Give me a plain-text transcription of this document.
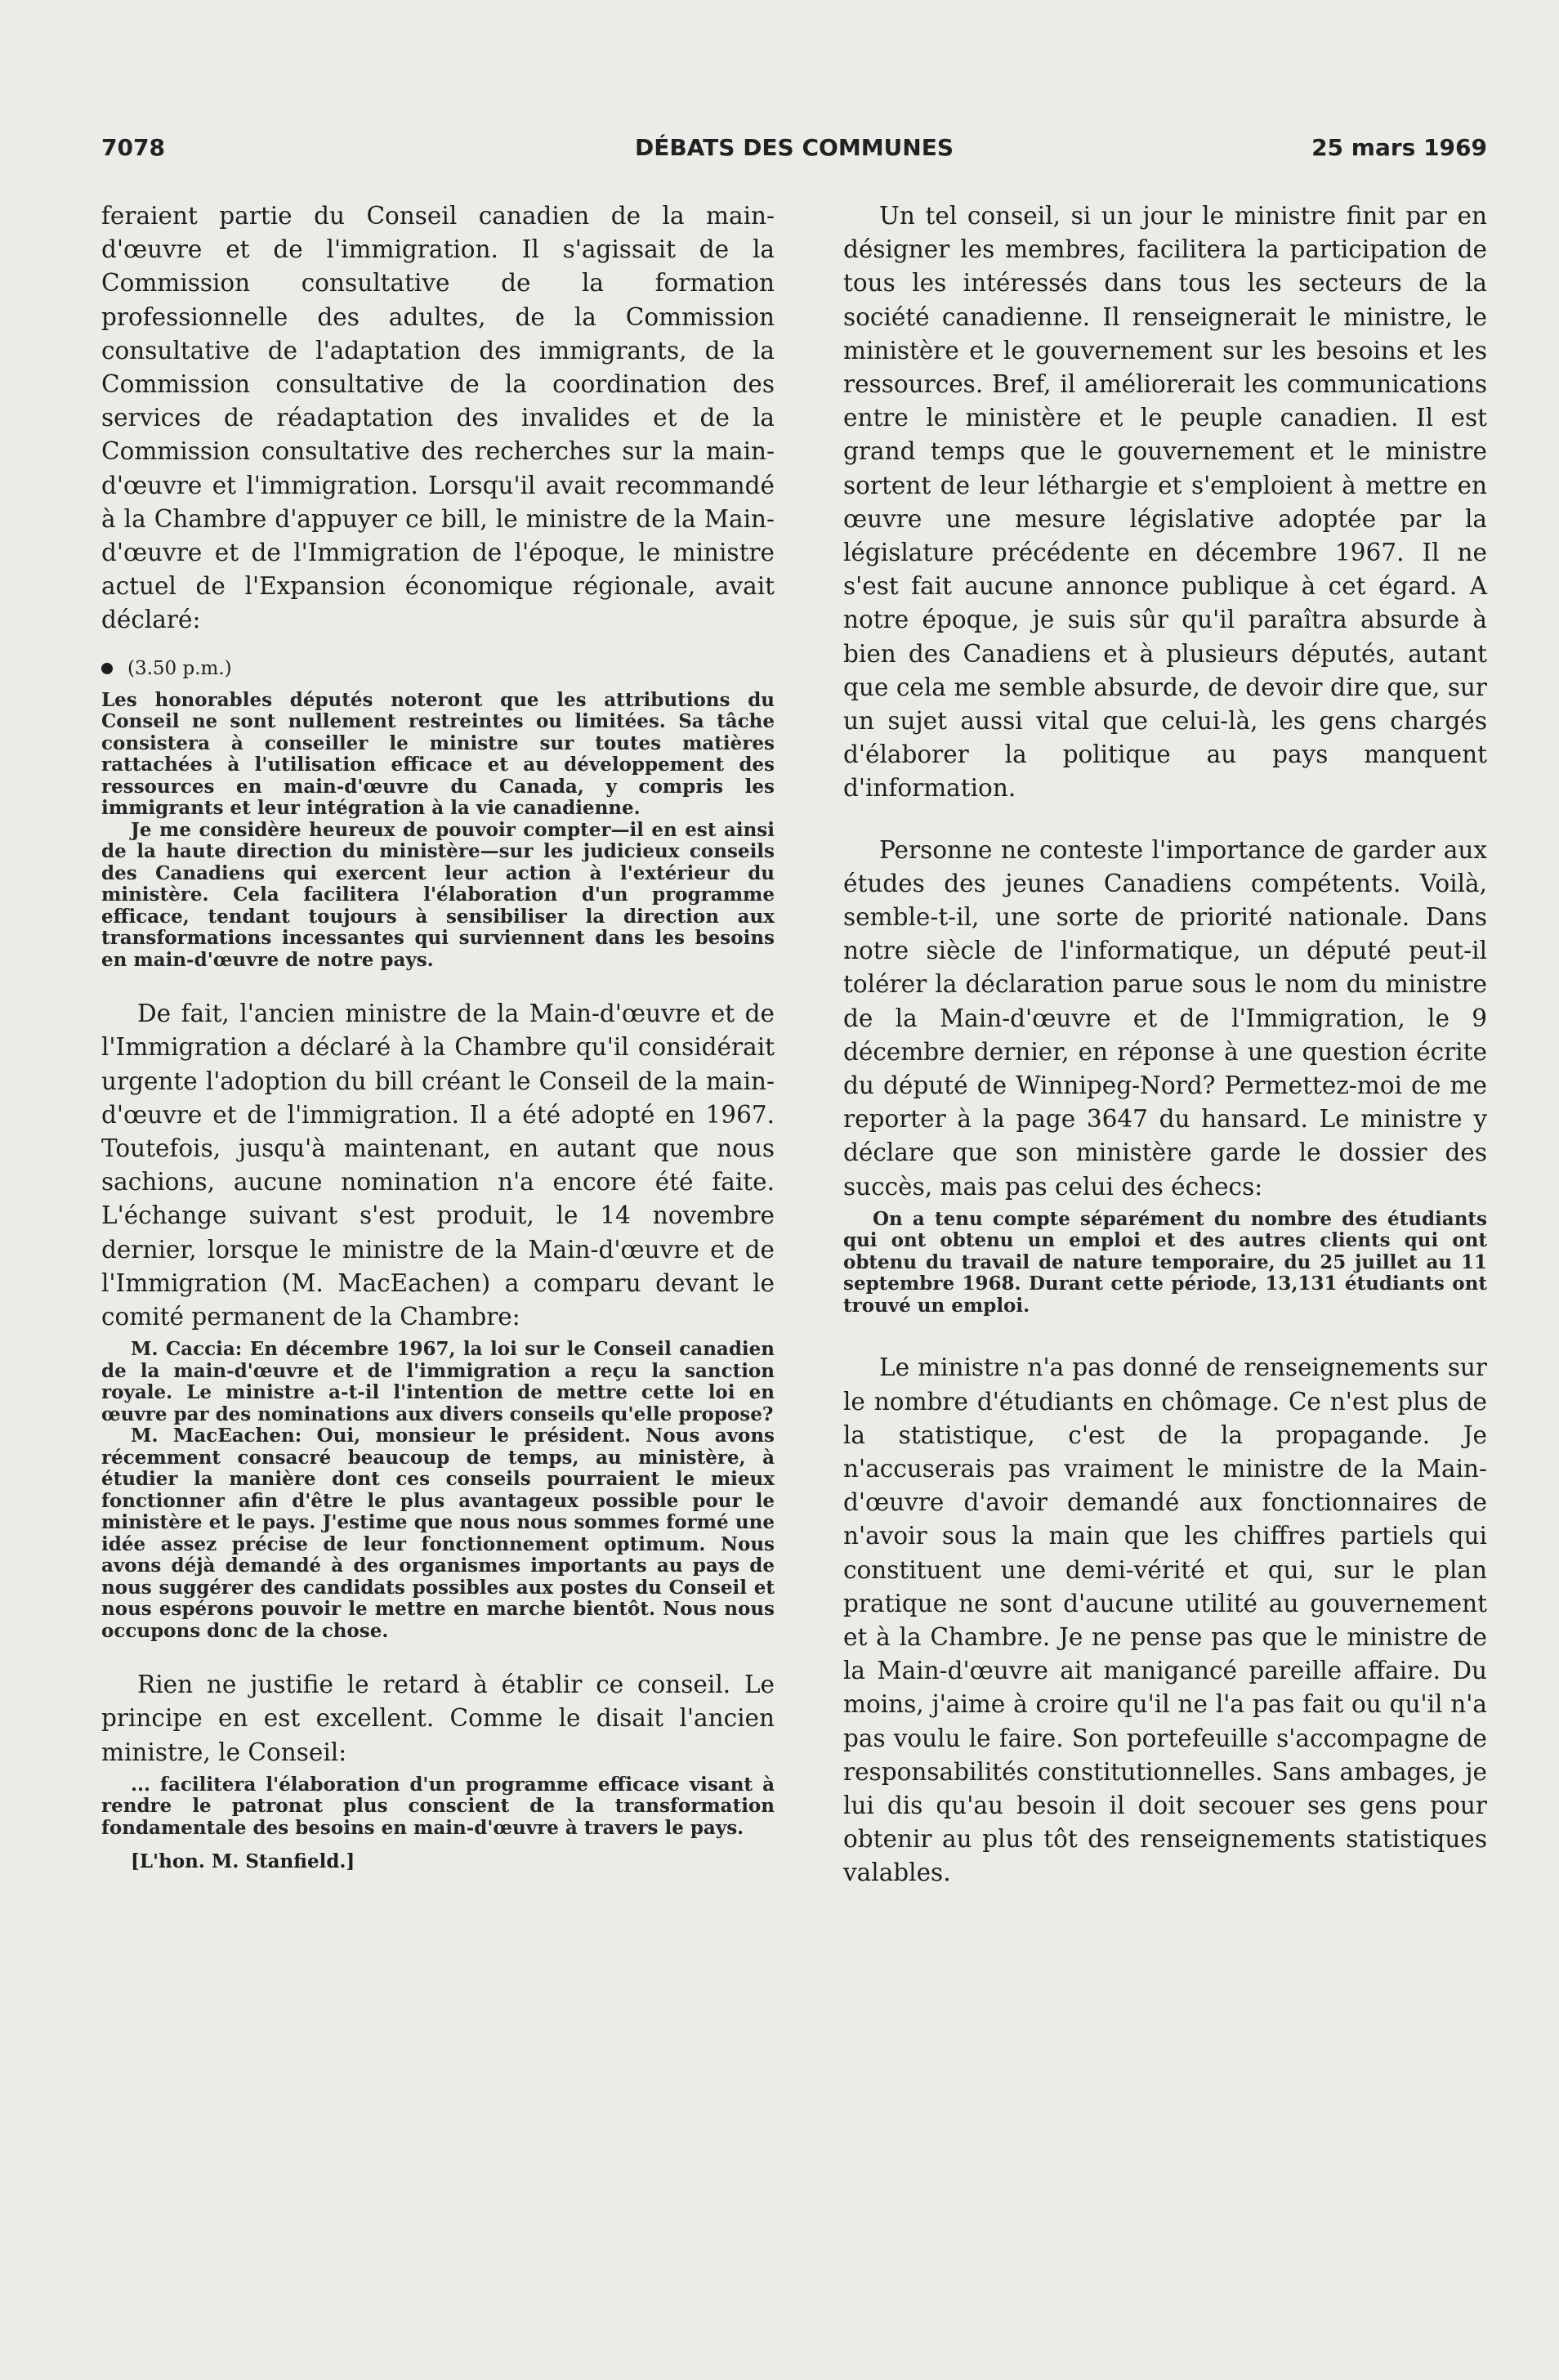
7078	DÉBATS DES COMMUNES	25 mars 1969

feraient partie du Conseil canadien de la main-d'œuvre et de l'immigration. Il s'agissait de la Commission consultative de la formation professionnelle des adultes, de la Commission consultative de l'adaptation des immigrants, de la Commission consultative de la coordination des services de réadaptation des invalides et de la Commission consultative des recherches sur la main-d'œuvre et l'immigration. Lorsqu'il avait recommandé à la Chambre d'appuyer ce bill, le ministre de la Main-d'œuvre et de l'Immigration de l'époque, le ministre actuel de l'Expansion économique régionale, avait déclaré:

(3.50 p.m.)

Les honorables députés noteront que les attributions du Conseil ne sont nullement restreintes ou limitées. Sa tâche consistera à conseiller le ministre sur toutes matières rattachées à l'utilisation efficace et au développement des ressources en main-d'œuvre du Canada, y compris les immigrants et leur intégration à la vie canadienne.

Je me considère heureux de pouvoir compter—il en est ainsi de la haute direction du ministère—sur les judicieux conseils des Canadiens qui exercent leur action à l'extérieur du ministère. Cela facilitera l'élaboration d'un programme efficace, tendant toujours à sensibiliser la direction aux transformations incessantes qui surviennent dans les besoins en main-d'œuvre de notre pays.

De fait, l'ancien ministre de la Main-d'œuvre et de l'Immigration a déclaré à la Chambre qu'il considérait urgente l'adoption du bill créant le Conseil de la main-d'œuvre et de l'immigration. Il a été adopté en 1967. Toutefois, jusqu'à maintenant, en autant que nous sachions, aucune nomination n'a encore été faite. L'échange suivant s'est produit, le 14 novembre dernier, lorsque le ministre de la Main-d'œuvre et de l'Immigration (M. MacEachen) a comparu devant le comité permanent de la Chambre:

M. Caccia: En décembre 1967, la loi sur le Conseil canadien de la main-d'œuvre et de l'immigration a reçu la sanction royale. Le ministre a-t-il l'intention de mettre cette loi en œuvre par des nominations aux divers conseils qu'elle propose?

M. MacEachen: Oui, monsieur le président. Nous avons récemment consacré beaucoup de temps, au ministère, à étudier la manière dont ces conseils pourraient le mieux fonctionner afin d'être le plus avantageux possible pour le ministère et le pays. J'estime que nous nous sommes formé une idée assez précise de leur fonctionnement optimum. Nous avons déjà demandé à des organismes importants au pays de nous suggérer des candidats possibles aux postes du Conseil et nous espérons pouvoir le mettre en marche bientôt. Nous nous occupons donc de la chose.

Rien ne justifie le retard à établir ce conseil. Le principe en est excellent. Comme le disait l'ancien ministre, le Conseil:

... facilitera l'élaboration d'un programme efficace visant à rendre le patronat plus conscient de la transformation fondamentale des besoins en main-d'œuvre à travers le pays.

[L'hon. M. Stanfield.]

Un tel conseil, si un jour le ministre finit par en désigner les membres, facilitera la participation de tous les intéressés dans tous les secteurs de la société canadienne. Il renseignerait le ministre, le ministère et le gouvernement sur les besoins et les ressources. Bref, il améliorerait les communications entre le ministère et le peuple canadien. Il est grand temps que le gouvernement et le ministre sortent de leur léthargie et s'emploient à mettre en œuvre une mesure législative adoptée par la législature précédente en décembre 1967. Il ne s'est fait aucune annonce publique à cet égard. A notre époque, je suis sûr qu'il paraîtra absurde à bien des Canadiens et à plusieurs députés, autant que cela me semble absurde, de devoir dire que, sur un sujet aussi vital que celui-là, les gens chargés d'élaborer la politique au pays manquent d'information.

Personne ne conteste l'importance de garder aux études des jeunes Canadiens compétents. Voilà, semble-t-il, une sorte de priorité nationale. Dans notre siècle de l'informatique, un député peut-il tolérer la déclaration parue sous le nom du ministre de la Main-d'œuvre et de l'Immigration, le 9 décembre dernier, en réponse à une question écrite du député de Winnipeg-Nord? Permettez-moi de me reporter à la page 3647 du hansard. Le ministre y déclare que son ministère garde le dossier des succès, mais pas celui des échecs:

On a tenu compte séparément du nombre des étudiants qui ont obtenu un emploi et des autres clients qui ont obtenu du travail de nature temporaire, du 25 juillet au 11 septembre 1968. Durant cette période, 13,131 étudiants ont trouvé un emploi.

Le ministre n'a pas donné de renseignements sur le nombre d'étudiants en chômage. Ce n'est plus de la statistique, c'est de la propagande. Je n'accuserais pas vraiment le ministre de la Main-d'œuvre d'avoir demandé aux fonctionnaires de n'avoir sous la main que les chiffres partiels qui constituent une demi-vérité et qui, sur le plan pratique ne sont d'aucune utilité au gouvernement et à la Chambre. Je ne pense pas que le ministre de la Main-d'œuvre ait manigancé pareille affaire. Du moins, j'aime à croire qu'il ne l'a pas fait ou qu'il n'a pas voulu le faire. Son portefeuille s'accompagne de responsabilités constitutionnelles. Sans ambages, je lui dis qu'au besoin il doit secouer ses gens pour obtenir au plus tôt des renseignements statistiques valables.
